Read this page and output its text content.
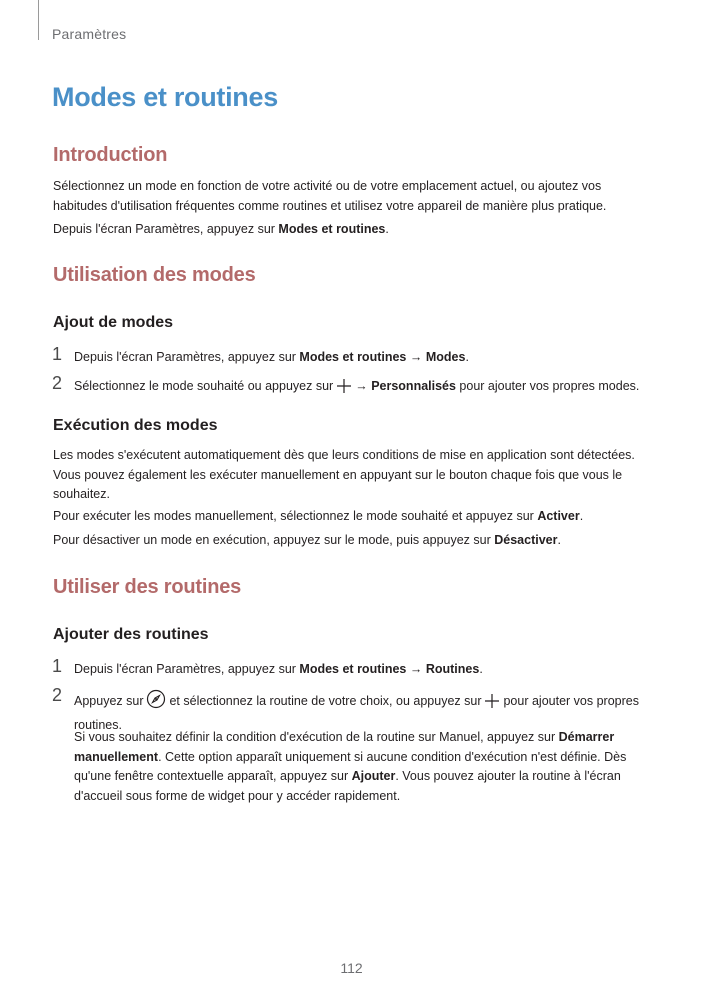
Paramètres
Modes et routines
Introduction
Sélectionnez un mode en fonction de votre activité ou de votre emplacement actuel, ou ajoutez vos habitudes d'utilisation fréquentes comme routines et utilisez votre appareil de manière plus pratique.
Depuis l'écran Paramètres, appuyez sur Modes et routines.
Utilisation des modes
Ajout de modes
1 Depuis l'écran Paramètres, appuyez sur Modes et routines → Modes.
2 Sélectionnez le mode souhaité ou appuyez sur → Personnalisés pour ajouter vos propres modes.
Exécution des modes
Les modes s'exécutent automatiquement dès que leurs conditions de mise en application sont détectées. Vous pouvez également les exécuter manuellement en appuyant sur le bouton chaque fois que vous le souhaitez.
Pour exécuter les modes manuellement, sélectionnez le mode souhaité et appuyez sur Activer.
Pour désactiver un mode en exécution, appuyez sur le mode, puis appuyez sur Désactiver.
Utiliser des routines
Ajouter des routines
1 Depuis l'écran Paramètres, appuyez sur Modes et routines → Routines.
2 Appuyez sur et sélectionnez la routine de votre choix, ou appuyez sur pour ajouter vos propres routines.
Si vous souhaitez définir la condition d'exécution de la routine sur Manuel, appuyez sur Démarrer manuellement. Cette option apparaît uniquement si aucune condition d'exécution n'est définie. Dès qu'une fenêtre contextuelle apparaît, appuyez sur Ajouter. Vous pouvez ajouter la routine à l'écran d'accueil sous forme de widget pour y accéder rapidement.
112
